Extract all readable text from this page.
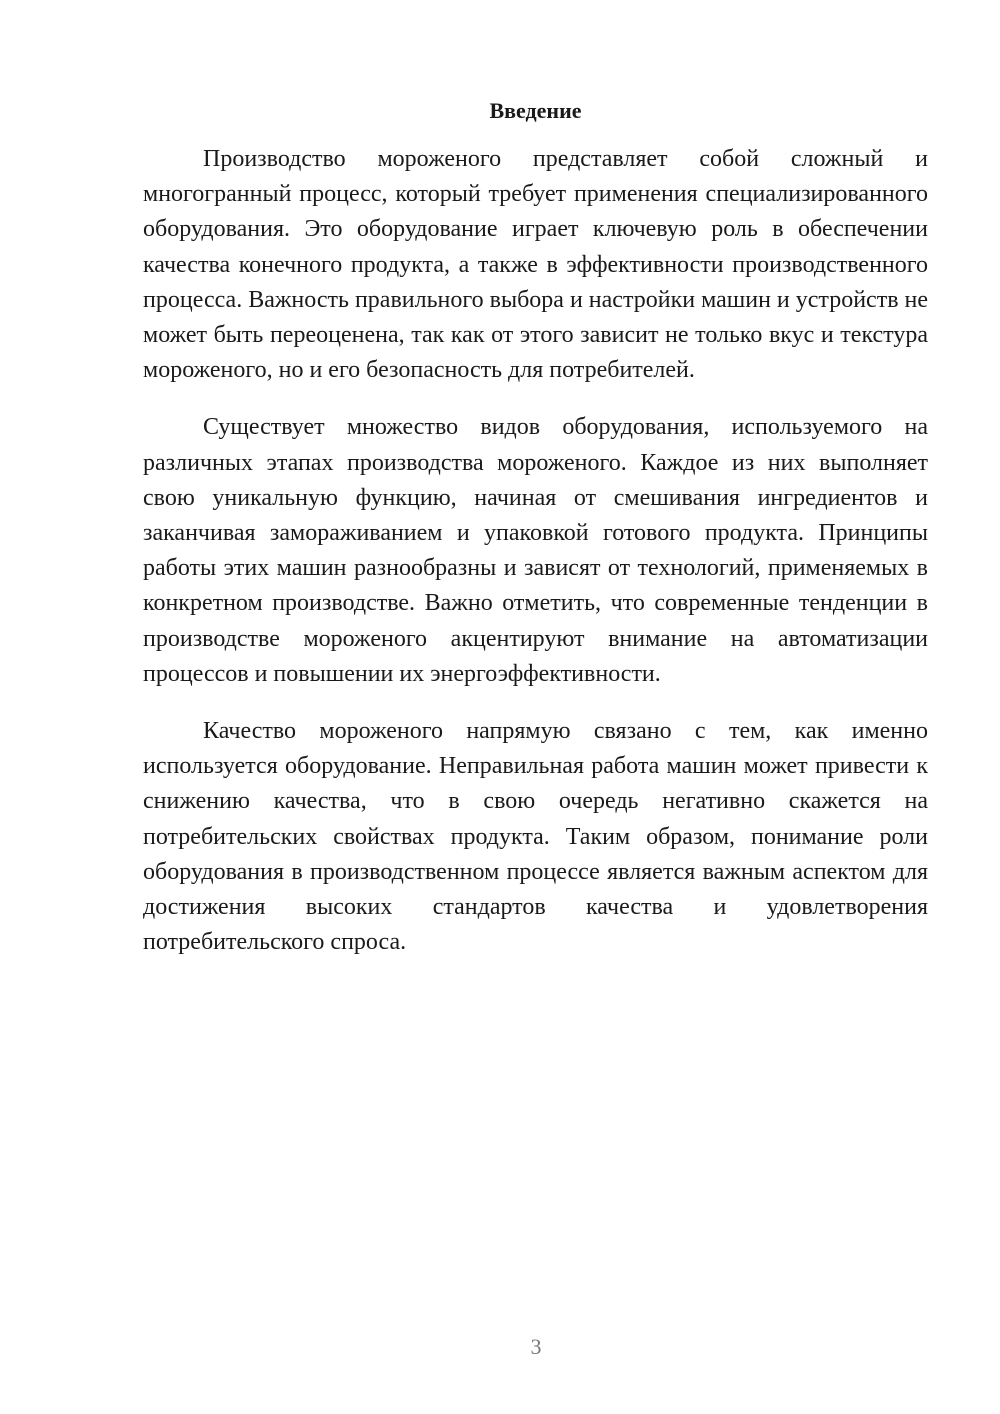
Введение

Производство мороженого представляет собой сложный и многогранный процесс, который требует применения специализированного оборудования. Это оборудование играет ключевую роль в обеспечении качества конечного продукта, а также в эффективности производственного процесса. Важность правильного выбора и настройки машин и устройств не может быть переоценена, так как от этого зависит не только вкус и текстура мороженого, но и его безопасность для потребителей.

Существует множество видов оборудования, используемого на различных этапах производства мороженого. Каждое из них выполняет свою уникальную функцию, начиная от смешивания ингредиентов и заканчивая замораживанием и упаковкой готового продукта. Принципы работы этих машин разнообразны и зависят от технологий, применяемых в конкретном производстве. Важно отметить, что современные тенденции в производстве мороженого акцентируют внимание на автоматизации процессов и повышении их энергоэффективности.

Качество мороженого напрямую связано с тем, как именно используется оборудование. Неправильная работа машин может привести к снижению качества, что в свою очередь негативно скажется на потребительских свойствах продукта. Таким образом, понимание роли оборудования в производственном процессе является важным аспектом для достижения высоких стандартов качества и удовлетворения потребительского спроса.

3
